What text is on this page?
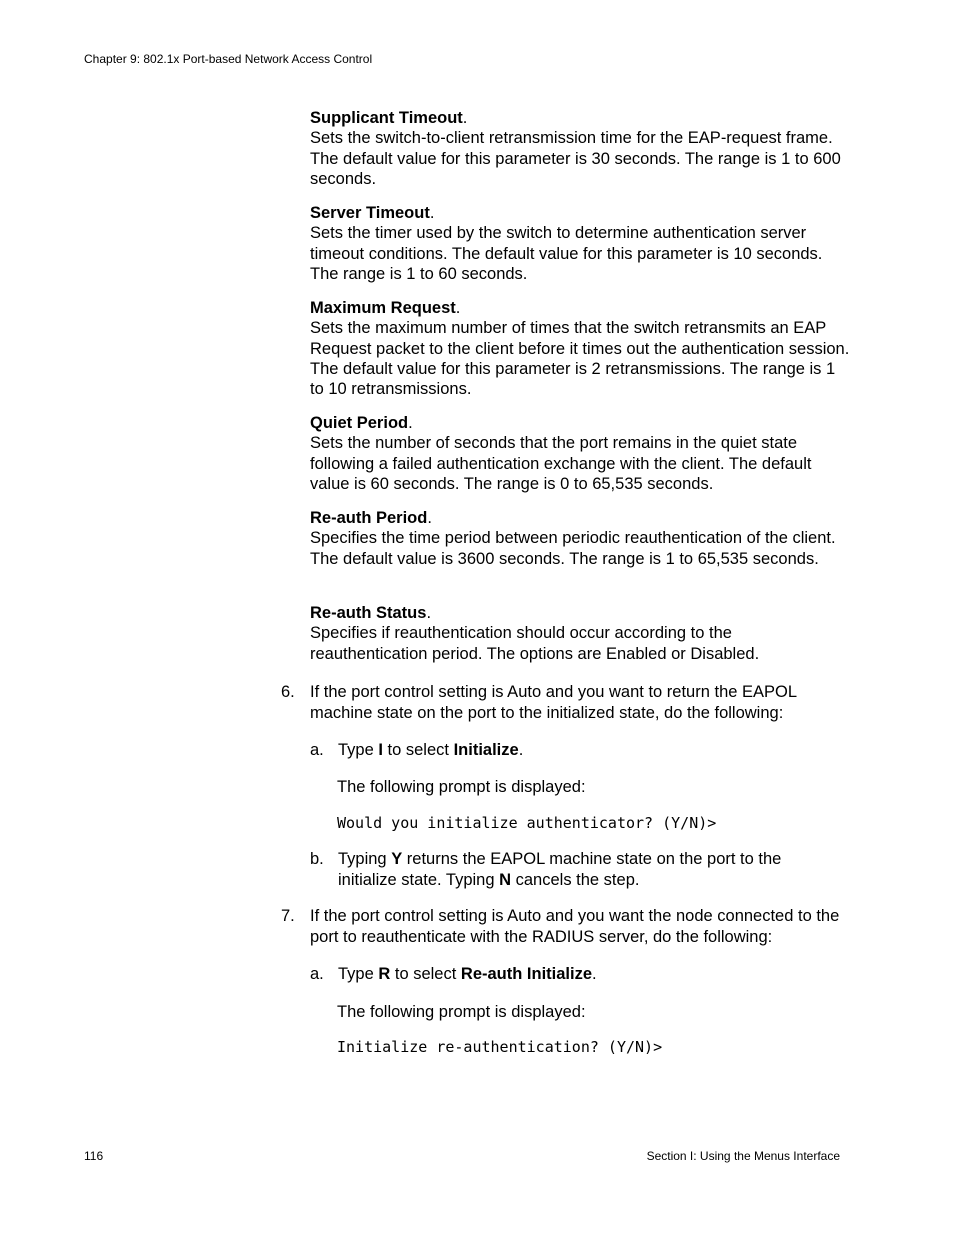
Chapter 9: 802.1x Port-based Network Access Control

Supplicant Timeout.

Sets the switch-to-client retransmission time for the EAP-request frame. The default value for this parameter is 30 seconds. The range is 1 to 600 seconds.

Server Timeout.

Sets the timer used by the switch to determine authentication server timeout conditions. The default value for this parameter is 10 seconds. The range is 1 to 60 seconds.

Maximum Request.

Sets the maximum number of times that the switch retransmits an EAP Request packet to the client before it times out the authentication session. The default value for this parameter is 2 retransmissions. The range is 1 to 10 retransmissions.

Quiet Period.

Sets the number of seconds that the port remains in the quiet state following a failed authentication exchange with the client. The default value is 60 seconds. The range is 0 to 65,535 seconds.

Re-auth Period.

Specifies the time period between periodic reauthentication of the client. The default value is 3600 seconds. The range is 1 to 65,535 seconds.

Re-auth Status.

Specifies if reauthentication should occur according to the reauthentication period. The options are Enabled or Disabled.

6. If the port control setting is Auto and you want to return the EAPOL machine state on the port to the initialized state, do the following:
a. Type I to select Initialize.
The following prompt is displayed:
Would you initialize authenticator? (Y/N)>
b. Typing Y returns the EAPOL machine state on the port to the initialize state. Typing N cancels the step.
7. If the port control setting is Auto and you want the node connected to the port to reauthenticate with the RADIUS server, do the following:
a. Type R to select Re-auth Initialize.
The following prompt is displayed:
Initialize re-authentication? (Y/N)>
116	Section I: Using the Menus Interface
